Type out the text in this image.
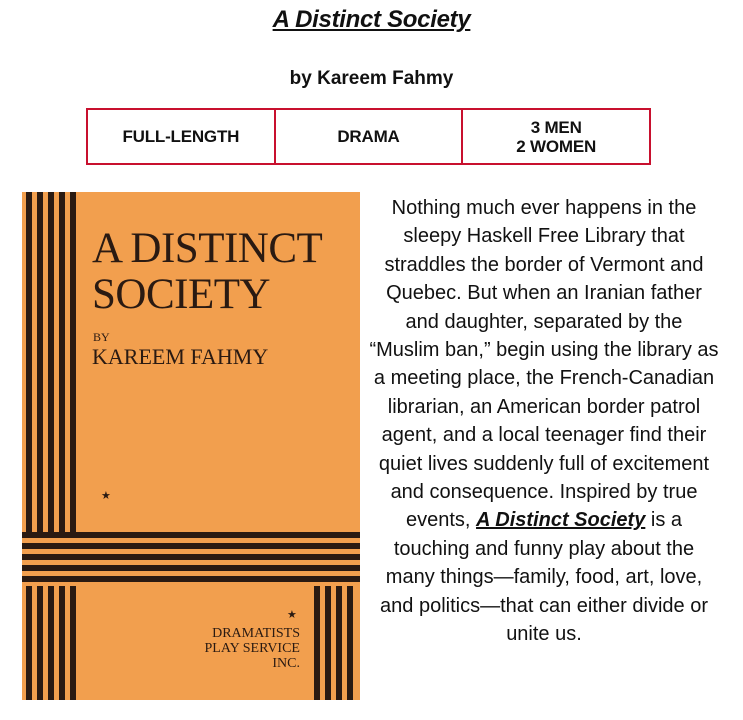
A Distinct Society
by Kareem Fahmy
FULL-LENGTH	DRAMA	3 MEN
2 WOMEN
A DISTINCT
SOCIETY
BY
KAREEM FAHMY
★
★
DRAMATISTS
PLAY SERVICE
INC.
Nothing much ever happens in the sleepy Haskell Free Library that straddles the border of Vermont and Quebec. But when an Iranian father and daughter, separated by the “Muslim ban,” begin using the library as a meeting place, the French-Canadian librarian, an American border patrol agent, and a local teenager find their quiet lives suddenly full of excitement and consequence. Inspired by true events, A Distinct Society is a touching and funny play about the many things—family, food, art, love, and politics—that can either divide or unite us.
